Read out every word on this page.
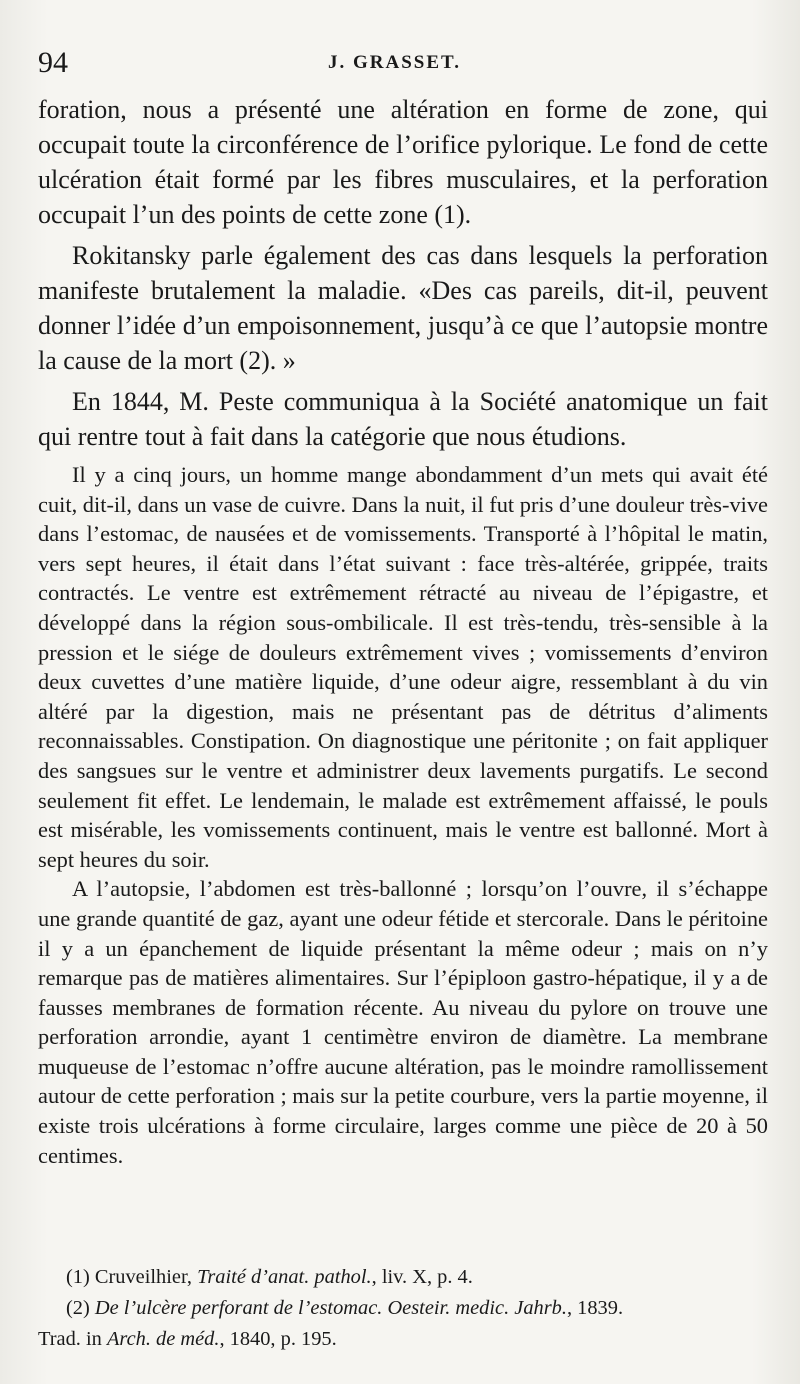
94	J. GRASSET.

foration, nous a présenté une altération en forme de zone, qui occupait toute la circonférence de l’orifice pylorique. Le fond de cette ulcération était formé par les fibres musculaires, et la perforation occupait l’un des points de cette zone (1).

Rokitansky parle également des cas dans lesquels la perforation manifeste brutalement la maladie. «Des cas pareils, dit-il, peuvent donner l’idée d’un empoisonnement, jusqu’à ce que l’autopsie montre la cause de la mort (2). »

En 1844, M. Peste communiqua à la Société anatomique un fait qui rentre tout à fait dans la catégorie que nous étudions.

Il y a cinq jours, un homme mange abondamment d’un mets qui avait été cuit, dit-il, dans un vase de cuivre. Dans la nuit, il fut pris d’une douleur très-vive dans l’estomac, de nausées et de vomissements. Transporté à l’hôpital le matin, vers sept heures, il était dans l’état suivant : face très-altérée, grippée, traits contractés. Le ventre est extrêmement rétracté au niveau de l’épigastre, et développé dans la région sous-ombilicale. Il est très-tendu, très-sensible à la pression et le siége de douleurs extrêmement vives ; vomissements d’environ deux cuvettes d’une matière liquide, d’une odeur aigre, ressemblant à du vin altéré par la digestion, mais ne présentant pas de détritus d’aliments reconnaissables. Constipation. On diagnostique une péritonite ; on fait appliquer des sangsues sur le ventre et administrer deux lavements purgatifs. Le second seulement fit effet. Le lendemain, le malade est extrêmement affaissé, le pouls est misérable, les vomissements continuent, mais le ventre est ballonné. Mort à sept heures du soir.

A l’autopsie, l’abdomen est très-ballonné ; lorsqu’on l’ouvre, il s’échappe une grande quantité de gaz, ayant une odeur fétide et stercorale. Dans le péritoine il y a un épanchement de liquide présentant la même odeur ; mais on n’y remarque pas de matières alimentaires. Sur l’épiploon gastro-hépatique, il y a de fausses membranes de formation récente. Au niveau du pylore on trouve une perforation arrondie, ayant 1 centimètre environ de diamètre. La membrane muqueuse de l’estomac n’offre aucune altération, pas le moindre ramollissement autour de cette perforation ; mais sur la petite courbure, vers la partie moyenne, il existe trois ulcérations à forme circulaire, larges comme une pièce de 20 à 50 centimes.

(1) Cruveilhier, Traité d’anat. pathol., liv. X, p. 4.

(2) De l’ulcère perforant de l’estomac. Oesteir. medic. Jahrb., 1839.

Trad. in Arch. de méd., 1840, p. 195.
